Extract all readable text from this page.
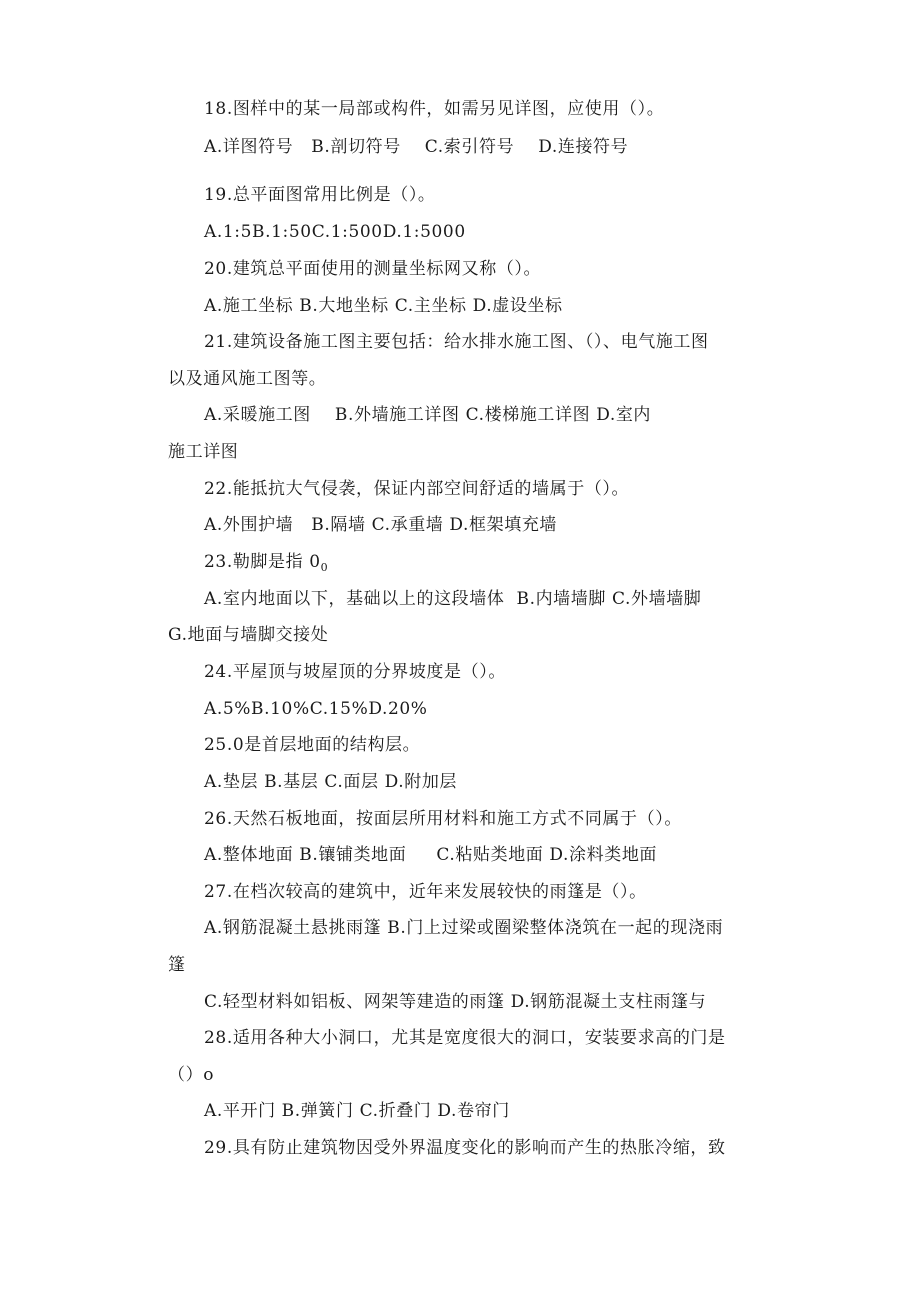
18.图样中的某一局部或构件，如需另见详图，应使用（）。
A.详图符号   B.剖切符号    C.索引符号    D.连接符号
19.总平面图常用比例是（）。
A.1:5B.1:50C.1:500D.1:5000
20.建筑总平面使用的测量坐标网又称（）。
A.施工坐标 B.大地坐标 C.主坐标 D.虚设坐标
21.建筑设备施工图主要包括：给水排水施工图、（）、电气施工图
以及通风施工图等。
A.采暖施工图    B.外墙施工详图 C.楼梯施工详图 D.室内
施工详图
22.能抵抗大气侵袭，保证内部空间舒适的墙属于（）。
A.外围护墙   B.隔墙 C.承重墙 D.框架填充墙
23.勒脚是指 $0_0$
A.室内地面以下，基础以上的这段墙体  B.内墙墙脚 C.外墙墙脚
G.地面与墙脚交接处
24.平屋顶与坡屋顶的分界坡度是（）。
A.5%B.10%C.15%D.20%
25.0是首层地面的结构层。
A.垫层 B.基层 C.面层 D.附加层
26.天然石板地面，按面层所用材料和施工方式不同属于（）。
A.整体地面 B.镶铺类地面     C.粘贴类地面 D.涂料类地面
27.在档次较高的建筑中，近年来发展较快的雨篷是（）。
A.钢筋混凝土悬挑雨篷 B.门上过梁或圈梁整体浇筑在一起的现浇雨
篷
C.轻型材料如铝板、网架等建造的雨篷 D.钢筋混凝土支柱雨篷与
28.适用各种大小洞口，尤其是宽度很大的洞口，安装要求高的门是
（）o
A.平开门 B.弹簧门 C.折叠门 D.卷帘门
29.具有防止建筑物因受外界温度变化的影响而产生的热胀冷缩，致
